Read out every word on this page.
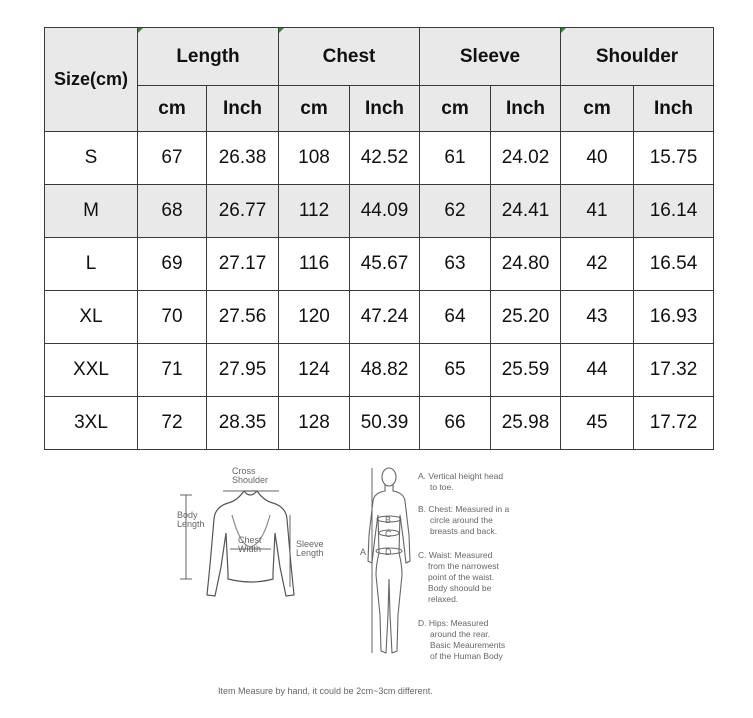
Size(cm)	Length		Chest		Sleeve		Shoulder	
	cm	Inch	cm	Inch	cm	Inch	cm	Inch
S	67	26.38	108	42.52	61	24.02	40	15.75
M	68	26.77	112	44.09	62	24.41	41	16.14
L	69	27.17	116	45.67	63	24.80	42	16.54
XL	70	27.56	120	47.24	64	25.20	43	16.93
XXL	71	27.95	124	48.82	65	25.59	44	17.32
3XL	72	28.35	128	50.39	66	25.98	45	17.72
Cross
Shoulder
Body
Length
Chest
Width	Sleeve
Length
B
C
D
A
A. Vertical height head
to toe.
B. Chest: Measured in a
circle around the
breasts and back.
C. Waist: Measured
from the narrowest
point of the waist.
Body shoould be
relaxed.
D. Hips: Measured
around the rear.
Basic Meaurements
of the Human Body
Item Measure by hand, it could be 2cm~3cm different.
